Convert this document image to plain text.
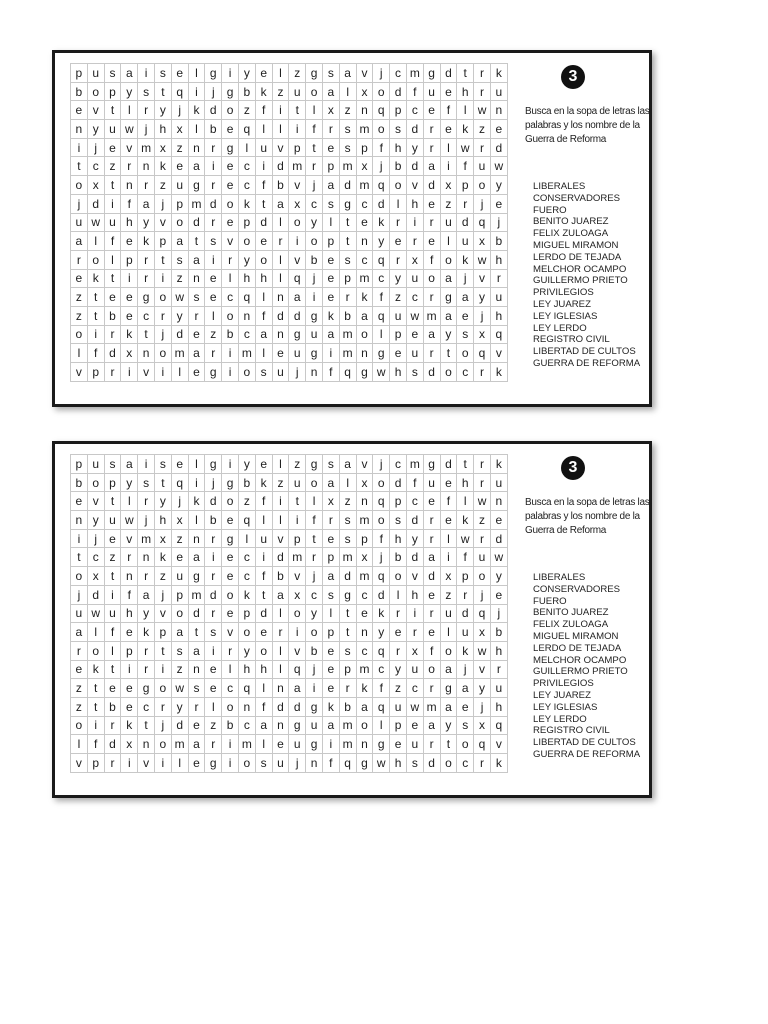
p	u	s	a	i	s	e	l	g	i	y	e	l	z	g	s	a	v	j	c	m	g	d	t	r	k
b	o	p	y	s	t	q	i	j	g	b	k	z	u	o	a	l	x	o	d	f	u	e	h	r	u
e	v	t	l	r	y	j	k	d	o	z	f	i	t	l	x	z	n	q	p	c	e	f	l	w	n
n	y	u	w	j	h	x	l	b	e	q	l	l	i	f	r	s	m	o	s	d	r	e	k	z	e
i	j	e	v	m	x	z	n	r	g	l	u	v	p	t	e	s	p	f	h	y	r	l	w	r	d
t	c	z	r	n	k	e	a	i	e	c	i	d	m	r	p	m	x	j	b	d	a	i	f	u	w
o	x	t	n	r	z	u	g	r	e	c	f	b	v	j	a	d	m	q	o	v	d	x	p	o	y
j	d	i	f	a	j	p	m	d	o	k	t	a	x	c	s	g	c	d	l	h	e	z	r	j	e
u	w	u	h	y	v	o	d	r	e	p	d	l	o	y	l	t	e	k	r	i	r	u	d	q	j
a	l	f	e	k	p	a	t	s	v	o	e	r	i	o	p	t	n	y	e	r	e	l	u	x	b
r	o	l	p	r	t	s	a	i	r	y	o	l	v	b	e	s	c	q	r	x	f	o	k	w	h
e	k	t	i	r	i	z	n	e	l	h	h	l	q	j	e	p	m	c	y	u	o	a	j	v	r
z	t	e	e	g	o	w	s	e	c	q	l	n	a	i	e	r	k	f	z	c	r	g	a	y	u
z	t	b	e	c	r	y	r	l	o	n	f	d	d	g	k	b	a	q	u	w	m	a	e	j	h
o	i	r	k	t	j	d	e	z	b	c	a	n	g	u	a	m	o	l	p	e	a	y	s	x	q
l	f	d	x	n	o	m	a	r	i	m	l	e	u	g	i	m	n	g	e	u	r	t	o	q	v
v	p	r	i	v	i	l	e	g	i	o	s	u	j	n	f	q	g	w	h	s	d	o	c	r	k
3
Busca en la sopa de letras las palabras y los nombre de la Guerra de Reforma
LIBERALES
CONSERVADORES
FUERO
BENITO JUAREZ
FELIX ZULOAGA
MIGUEL MIRAMON
LERDO DE TEJADA
MELCHOR OCAMPO
GUILLERMO PRIETO
PRIVILEGIOS
LEY JUAREZ
LEY IGLESIAS
LEY LERDO
REGISTRO CIVIL
LIBERTAD DE CULTOS
GUERRA DE REFORMA
p	u	s	a	i	s	e	l	g	i	y	e	l	z	g	s	a	v	j	c	m	g	d	t	r	k
b	o	p	y	s	t	q	i	j	g	b	k	z	u	o	a	l	x	o	d	f	u	e	h	r	u
e	v	t	l	r	y	j	k	d	o	z	f	i	t	l	x	z	n	q	p	c	e	f	l	w	n
n	y	u	w	j	h	x	l	b	e	q	l	l	i	f	r	s	m	o	s	d	r	e	k	z	e
i	j	e	v	m	x	z	n	r	g	l	u	v	p	t	e	s	p	f	h	y	r	l	w	r	d
t	c	z	r	n	k	e	a	i	e	c	i	d	m	r	p	m	x	j	b	d	a	i	f	u	w
o	x	t	n	r	z	u	g	r	e	c	f	b	v	j	a	d	m	q	o	v	d	x	p	o	y
j	d	i	f	a	j	p	m	d	o	k	t	a	x	c	s	g	c	d	l	h	e	z	r	j	e
u	w	u	h	y	v	o	d	r	e	p	d	l	o	y	l	t	e	k	r	i	r	u	d	q	j
a	l	f	e	k	p	a	t	s	v	o	e	r	i	o	p	t	n	y	e	r	e	l	u	x	b
r	o	l	p	r	t	s	a	i	r	y	o	l	v	b	e	s	c	q	r	x	f	o	k	w	h
e	k	t	i	r	i	z	n	e	l	h	h	l	q	j	e	p	m	c	y	u	o	a	j	v	r
z	t	e	e	g	o	w	s	e	c	q	l	n	a	i	e	r	k	f	z	c	r	g	a	y	u
z	t	b	e	c	r	y	r	l	o	n	f	d	d	g	k	b	a	q	u	w	m	a	e	j	h
o	i	r	k	t	j	d	e	z	b	c	a	n	g	u	a	m	o	l	p	e	a	y	s	x	q
l	f	d	x	n	o	m	a	r	i	m	l	e	u	g	i	m	n	g	e	u	r	t	o	q	v
v	p	r	i	v	i	l	e	g	i	o	s	u	j	n	f	q	g	w	h	s	d	o	c	r	k
3
Busca en la sopa de letras las palabras y los nombre de la Guerra de Reforma
LIBERALES
CONSERVADORES
FUERO
BENITO JUAREZ
FELIX ZULOAGA
MIGUEL MIRAMON
LERDO DE TEJADA
MELCHOR OCAMPO
GUILLERMO PRIETO
PRIVILEGIOS
LEY JUAREZ
LEY IGLESIAS
LEY LERDO
REGISTRO CIVIL
LIBERTAD DE CULTOS
GUERRA DE REFORMA
